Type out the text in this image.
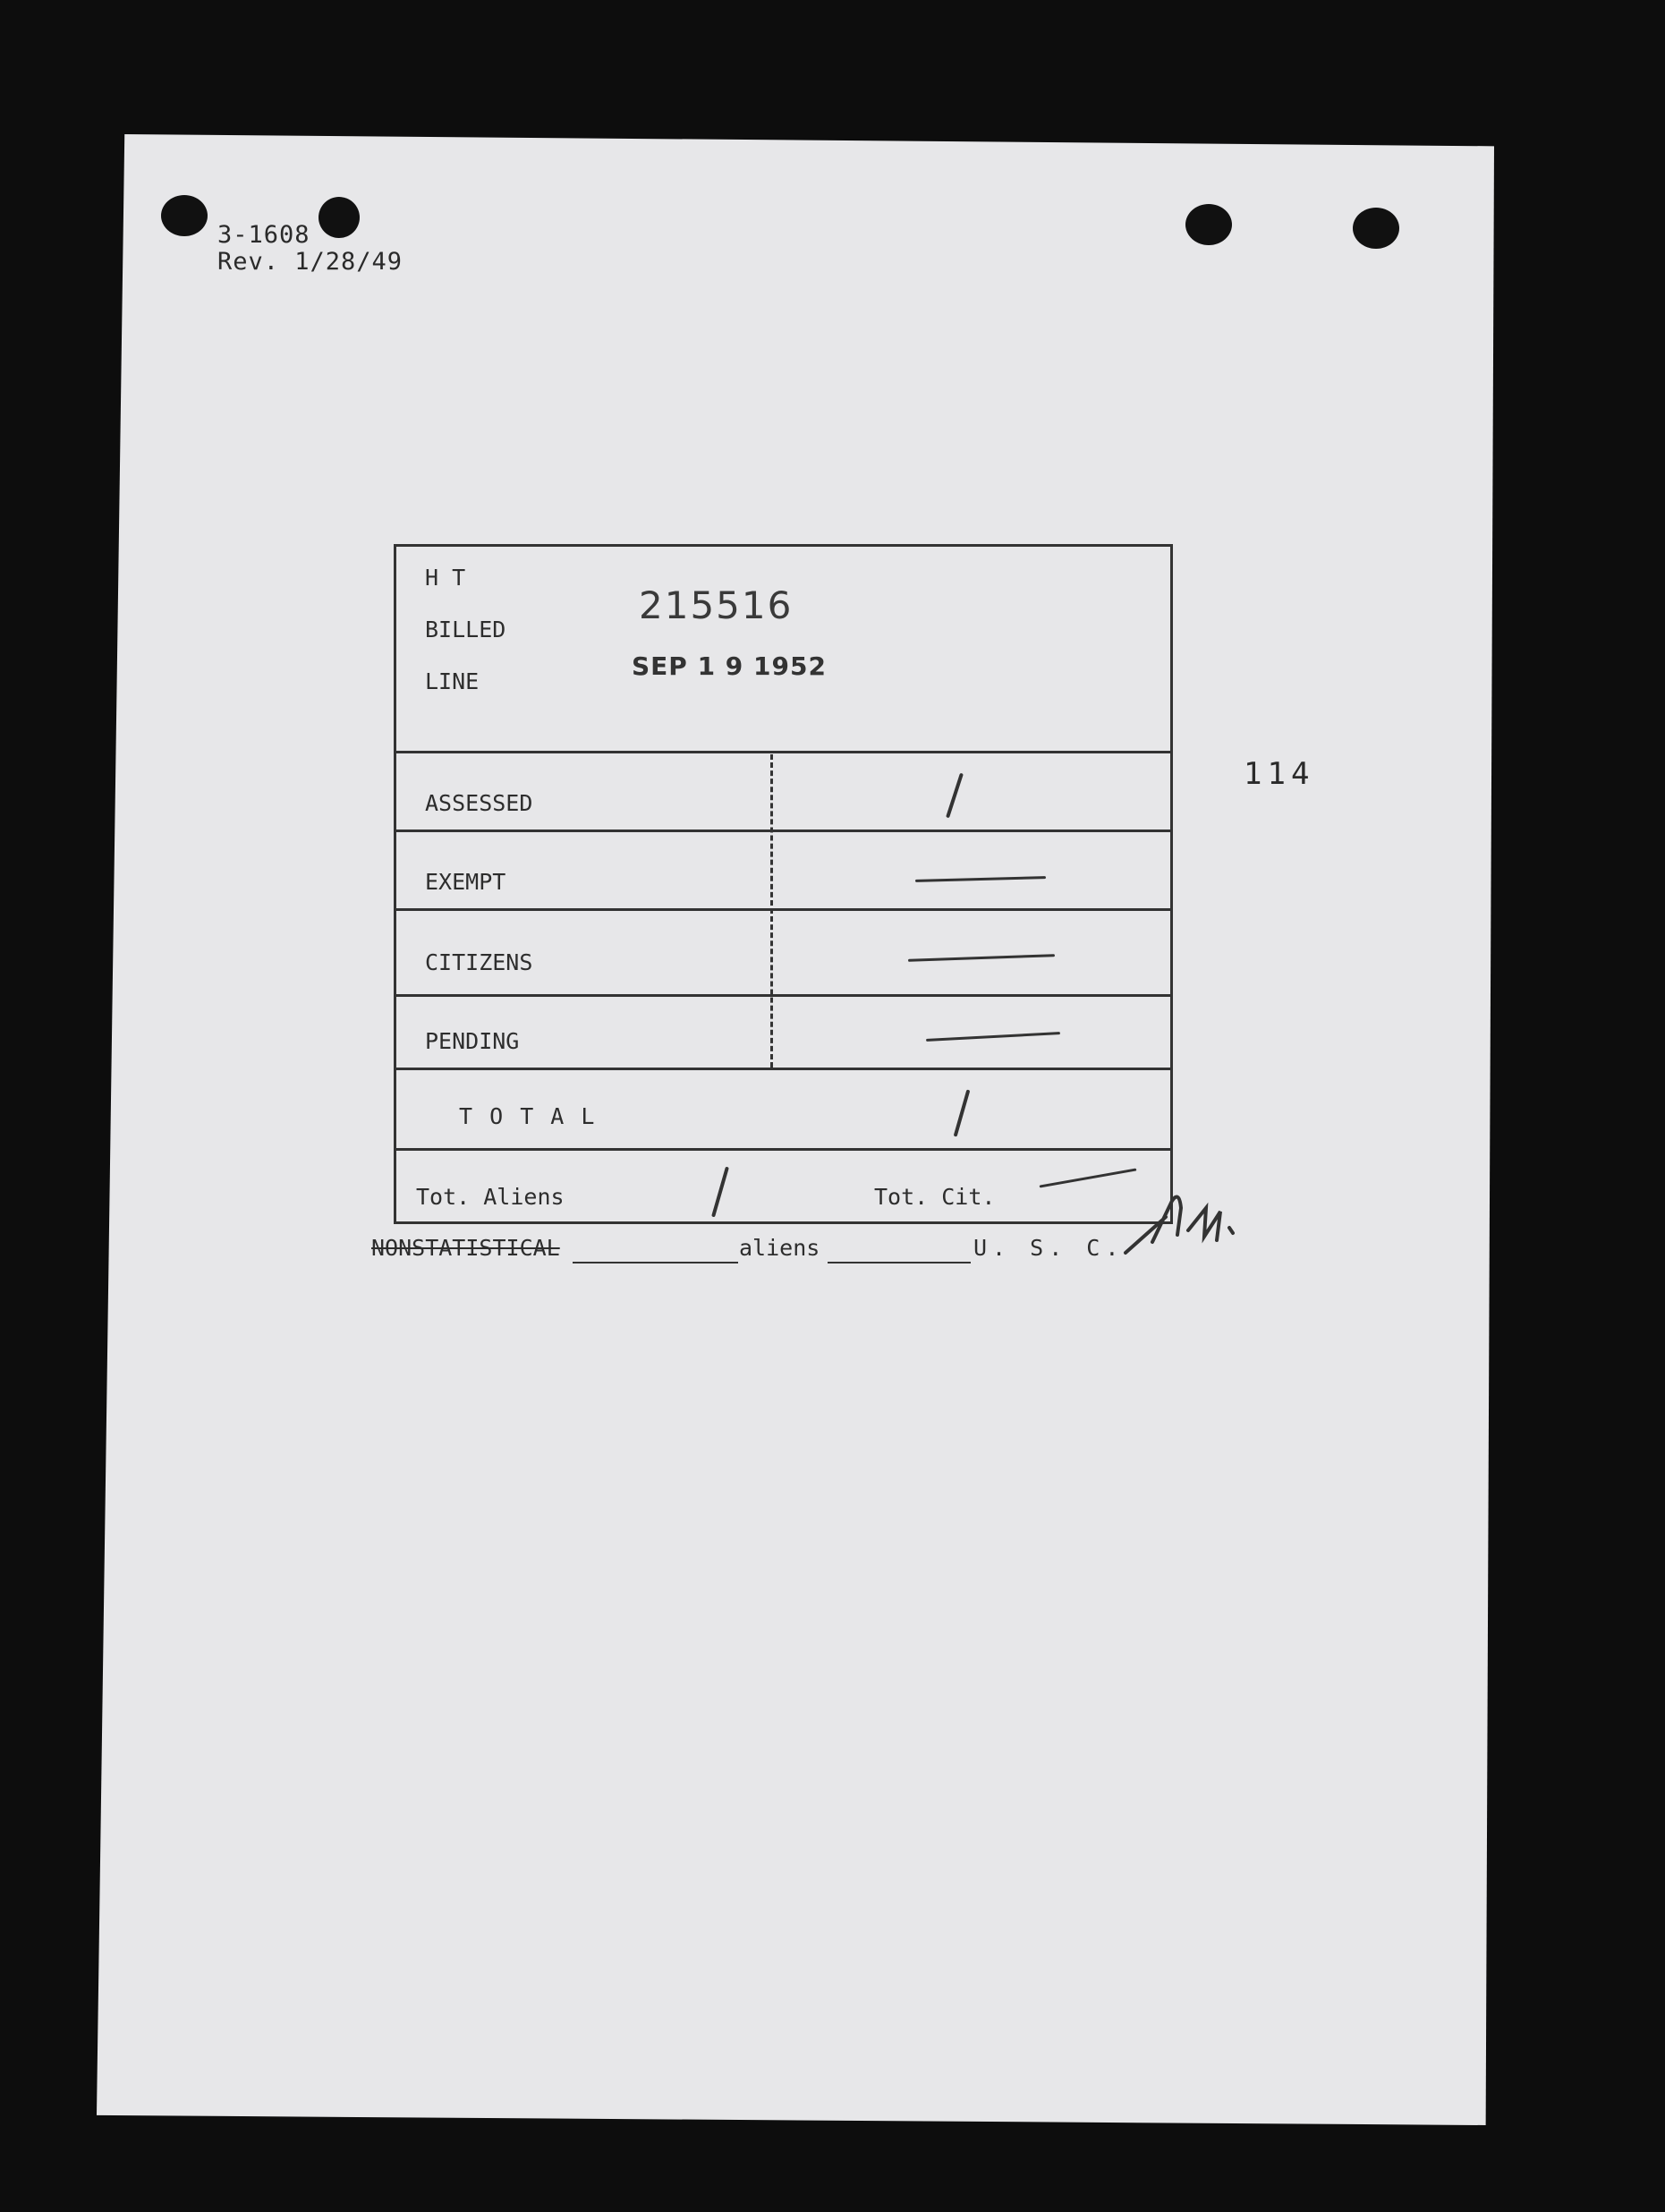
3-1608
Rev. 1/28/49
215516
SEP 1 9 1952
114
H T
BILLED
LINE
ASSESSED
EXEMPT
CITIZENS
PENDING
T O T A L
Tot. Aliens	Tot. Cit.
NONSTATISTICAL	aliens	U. S. C.
